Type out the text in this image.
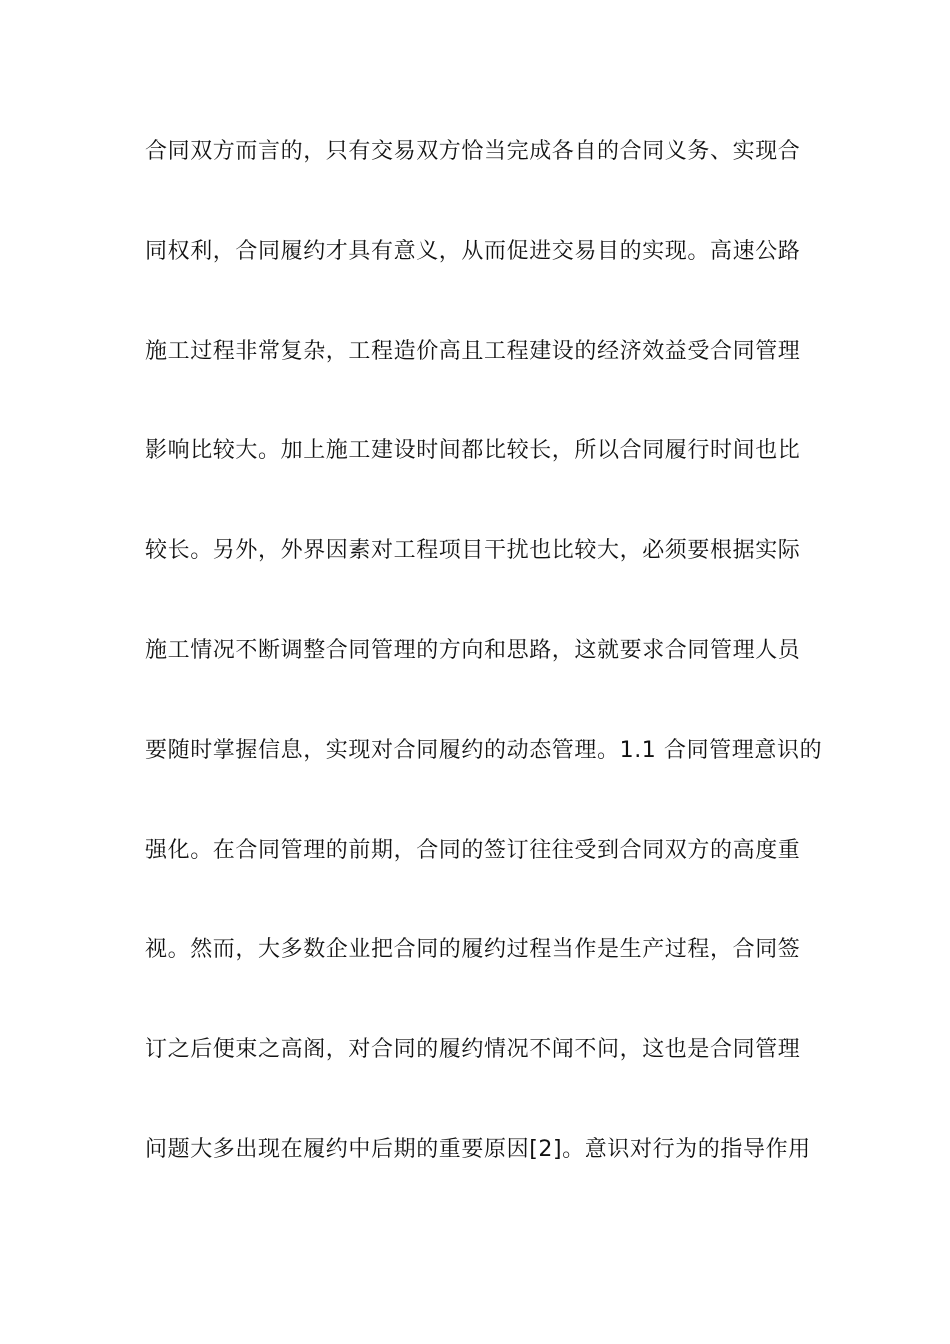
合同双方而言的，只有交易双方恰当完成各自的合同义务、实现合
同权利，合同履约才具有意义，从而促进交易目的实现。高速公路
施工过程非常复杂，工程造价高且工程建设的经济效益受合同管理
影响比较大。加上施工建设时间都比较长，所以合同履行时间也比
较长。另外，外界因素对工程项目干扰也比较大，必须要根据实际
施工情况不断调整合同管理的方向和思路，这就要求合同管理人员
要随时掌握信息，实现对合同履约的动态管理。1.1 合同管理意识的
强化。在合同管理的前期，合同的签订往往受到合同双方的高度重
视。然而，大多数企业把合同的履约过程当作是生产过程，合同签
订之后便束之高阁，对合同的履约情况不闻不问，这也是合同管理
问题大多出现在履约中后期的重要原因[2]。意识对行为的指导作用
